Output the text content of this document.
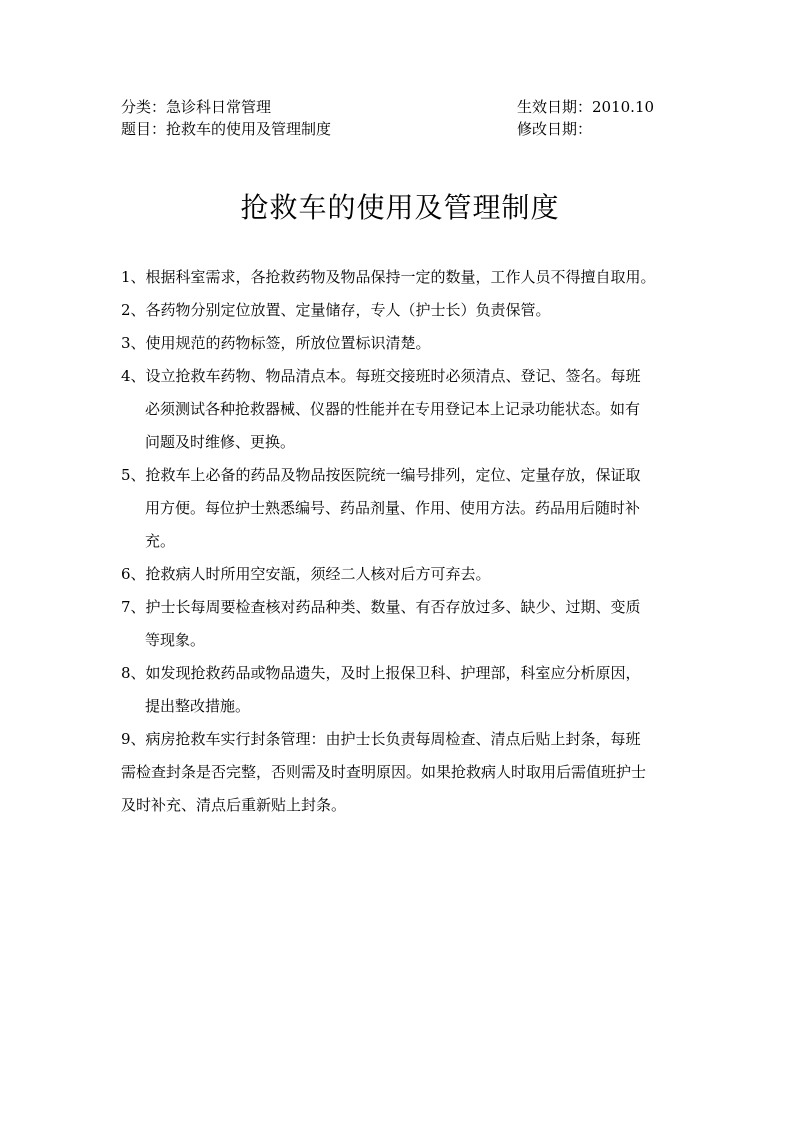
分类：急诊科日常管理	生效日期：2010.10
题目：抢救车的使用及管理制度	修改日期：
抢救车的使用及管理制度
1、根据科室需求，各抢救药物及物品保持一定的数量，工作人员不得擅自取用。
2、各药物分别定位放置、定量储存，专人（护士长）负责保管。
3、使用规范的药物标签，所放位置标识清楚。
4、设立抢救车药物、物品清点本。每班交接班时必须清点、登记、签名。每班
必须测试各种抢救器械、仪器的性能并在专用登记本上记录功能状态。如有
问题及时维修、更换。
5、抢救车上必备的药品及物品按医院统一编号排列，定位、定量存放，保证取
用方便。每位护士熟悉编号、药品剂量、作用、使用方法。药品用后随时补
充。
6、抢救病人时所用空安瓿，须经二人核对后方可弃去。
7、护士长每周要检查核对药品种类、数量、有否存放过多、缺少、过期、变质
等现象。
8、如发现抢救药品或物品遗失，及时上报保卫科、护理部，科室应分析原因，
提出整改措施。
9、病房抢救车实行封条管理：由护士长负责每周检查、清点后贴上封条，每班
需检查封条是否完整，否则需及时查明原因。如果抢救病人时取用后需值班护士
及时补充、清点后重新贴上封条。
